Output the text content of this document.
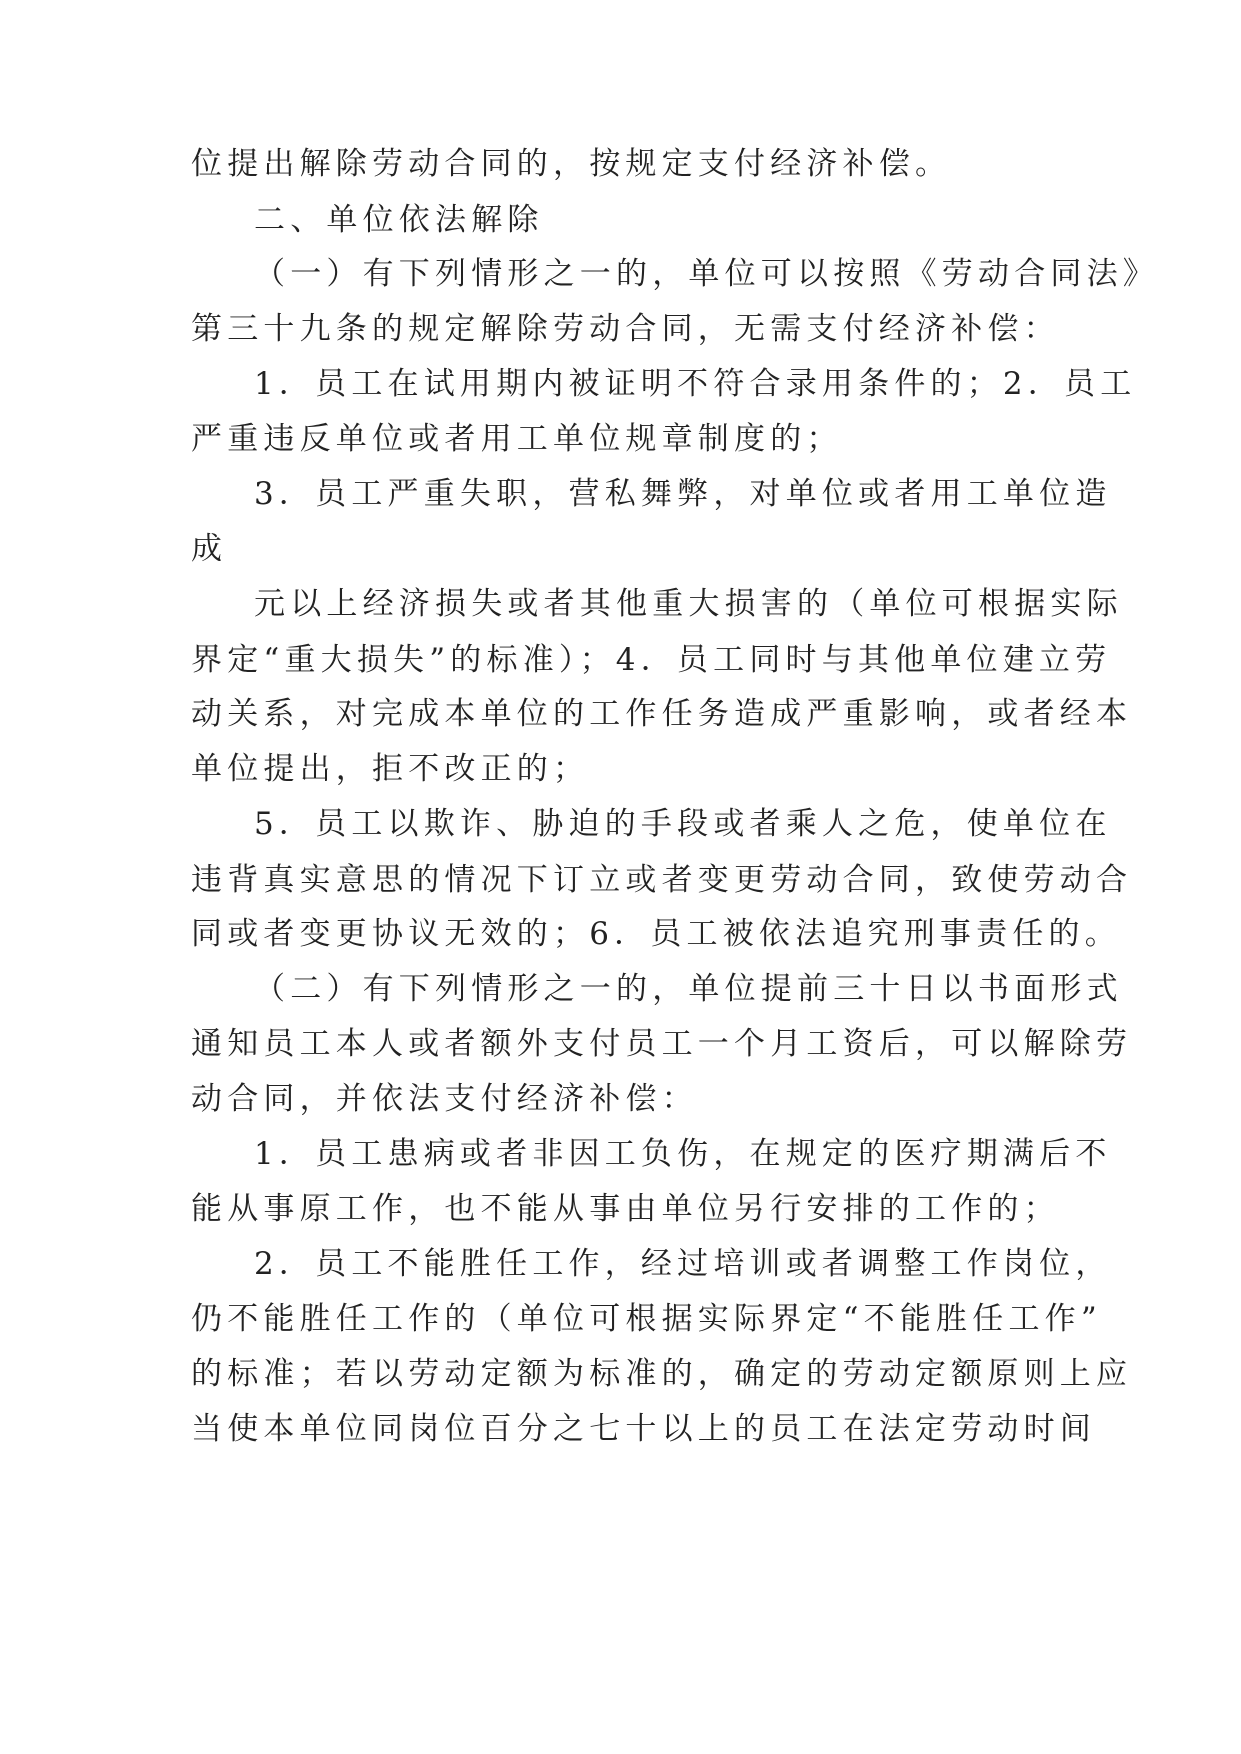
位提出解除劳动合同的，按规定支付经济补偿。
二、单位依法解除
（一）有下列情形之一的，单位可以按照《劳动合同法》
第三十九条的规定解除劳动合同，无需支付经济补偿：
1．员工在试用期内被证明不符合录用条件的；2．员工
严重违反单位或者用工单位规章制度的；
3．员工严重失职，营私舞弊，对单位或者用工单位造
成
元以上经济损失或者其他重大损害的（单位可根据实际
界定“重大损失”的标准）；4．员工同时与其他单位建立劳
动关系，对完成本单位的工作任务造成严重影响，或者经本
单位提出，拒不改正的；
5．员工以欺诈、胁迫的手段或者乘人之危，使单位在
违背真实意思的情况下订立或者变更劳动合同，致使劳动合
同或者变更协议无效的；6．员工被依法追究刑事责任的。
（二）有下列情形之一的，单位提前三十日以书面形式
通知员工本人或者额外支付员工一个月工资后，可以解除劳
动合同，并依法支付经济补偿：
1．员工患病或者非因工负伤，在规定的医疗期满后不
能从事原工作，也不能从事由单位另行安排的工作的；
2．员工不能胜任工作，经过培训或者调整工作岗位，
仍不能胜任工作的（单位可根据实际界定“不能胜任工作”
的标准；若以劳动定额为标准的，确定的劳动定额原则上应
当使本单位同岗位百分之七十以上的员工在法定劳动时间
